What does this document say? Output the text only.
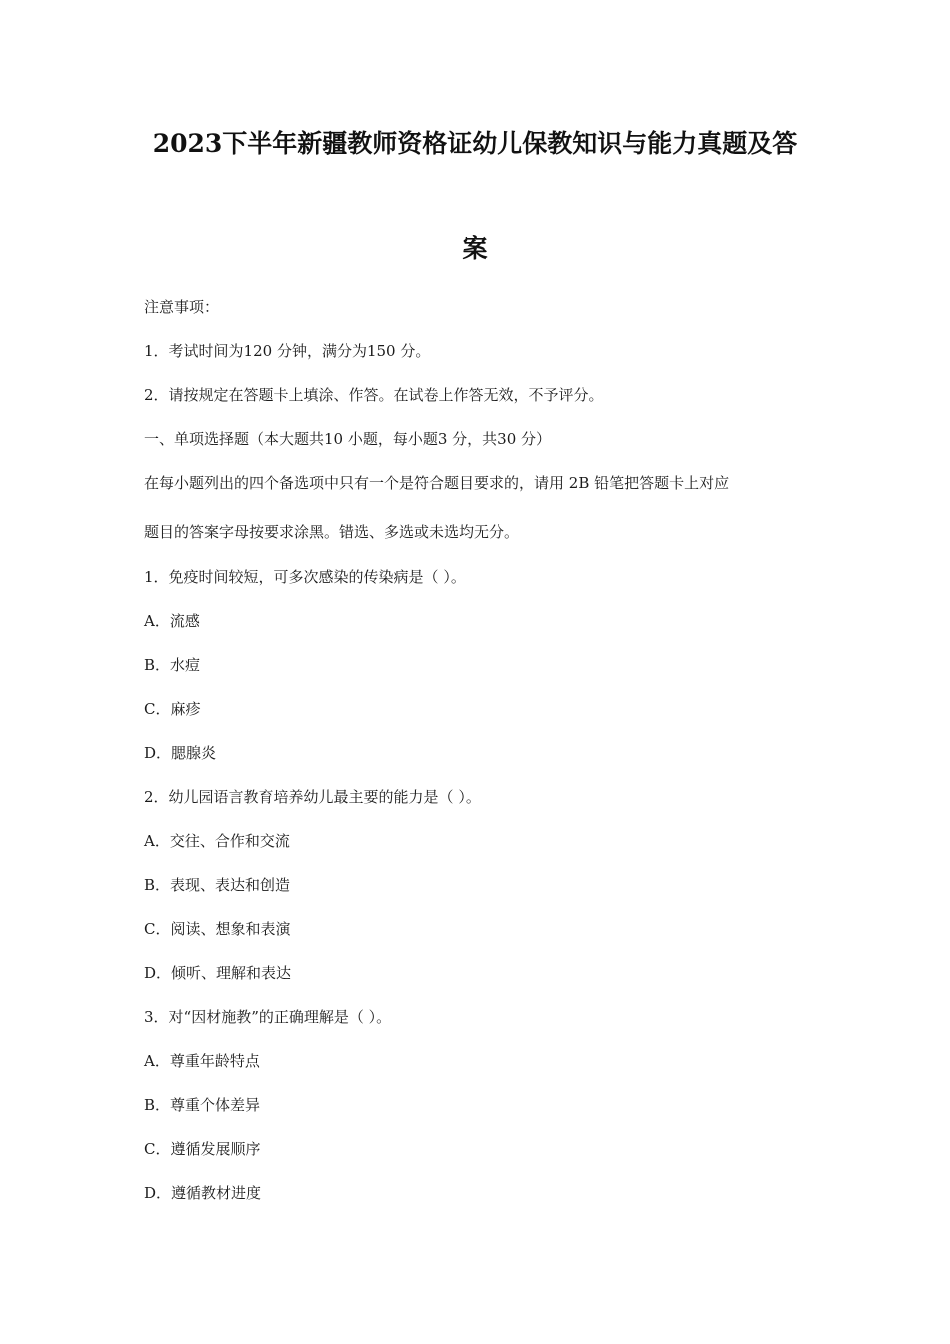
2023下半年新疆教师资格证幼儿保教知识与能力真题及答
案

注意事项：

1．考试时间为120 分钟，满分为150 分。

2．请按规定在答题卡上填涂、作答。在试卷上作答无效，不予评分。

一、单项选择题（本大题共10 小题，每小题3 分，共30 分）

在每小题列出的四个备选项中只有一个是符合题目要求的，请用 2B 铅笔把答题卡上对应

题目的答案字母按要求涂黑。错选、多选或未选均无分。

1．免疫时间较短，可多次感染的传染病是（ ）。

A．流感

B．水痘

C．麻疹

D．腮腺炎

2．幼儿园语言教育培养幼儿最主要的能力是（ ）。

A．交往、合作和交流

B．表现、表达和创造

C．阅读、想象和表演

D．倾听、理解和表达

3．对“因材施教”的正确理解是（ ）。

A．尊重年龄特点

B．尊重个体差异

C．遵循发展顺序

D．遵循教材进度
